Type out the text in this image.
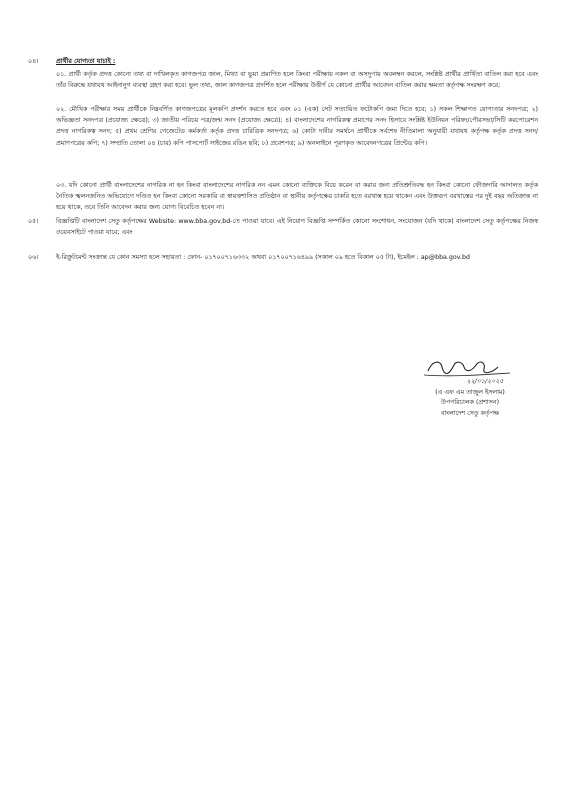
০৪।	প্রার্থীর যোগ্যতা যাচাই :
০১. প্রার্থী কর্তৃক প্রদত্ত কোনো তথ্য বা দাখিলকৃত কাগজপত্র জাল, মিথ্যা বা ভুয়া প্রমাণিত হলে কিংবা পরীক্ষায় নকল বা অসদুপায় অবলম্বন করলে, সংশ্লিষ্ট প্রার্থীর প্রার্থিতা বাতিল করা হবে এবং তাঁর বিরুদ্ধে যথাযথ আইনানুগ ব্যবস্থা গ্রহণ করা হবে। ভুল তথ্য, জাল কাগজপত্র প্রদর্শিত হলে পরীক্ষায় উত্তীর্ণ যে কোনো প্রার্থীর আবেদন বাতিল করার ক্ষমতা কর্তৃপক্ষ সংরক্ষণ করে;
০২. মৌখিক পরীক্ষার সময় প্রার্থীকে নিম্নবর্ণিত কাগজপত্রের মূলকপি প্রদর্শন করতে হবে এবং ০১ (এক) সেট সত্যায়িত ফটোকপি জমা দিতে হবে; ১) সকল শিক্ষাগত যোগ্যতার সনদপত্র; ২) অভিজ্ঞতা সনদপত্র (প্রযোজ্য ক্ষেত্রে); ৩) জাতীয় পরিচয় পত্র/জন্ম সনদ (প্রযোজ্য ক্ষেত্রে); ৪) বাংলাদেশের নাগরিকত্ব প্রমাণের সনদ হিসাবে সংশ্লিষ্ট ইউনিয়ন পরিষদ/পৌরসভা/সিটি করপোরেশন প্রদত্ত নাগরিকত্ব সনদ; ৫) প্রথম শ্রেণির গেজেটেড কর্মকর্তা কর্তৃক প্রদত্ত চারিত্রিক সনদপত্র; ৬) কোটা দাবীর সমর্থনে প্রার্থীকে সর্বশেষ নীতিমালা অনুযায়ী যথাযথ কর্তৃপক্ষ কর্তৃক প্রদত্ত সনদ/প্রমাণপত্রের কপি; ৭) সম্প্রতি তোলা ০৪ (চার) কপি পাসপোর্ট সাইজের রঙিন ছবি; ৮) প্রবেশপত্র; ৯) অনলাইনে পূরণকৃত আবেদনপত্রের প্রিন্টেড কপি।
০৩. যদি কোনো প্রার্থী বাংলাদেশের নাগরিক না হন কিংবা বাংলাদেশের নাগরিক নন এমন কোনো ব্যক্তিকে বিয়ে করেন বা করার জন্য প্রতিশ্রুতিবদ্ধ হন কিংবা কোনো ফৌজদারি আদালত কর্তৃক নৈতিক স্খলনজনিত অভিযোগে দণ্ডিত হন কিংবা কোনো সরকারি বা স্বায়ত্তশাসিত প্রতিষ্ঠান বা স্থানীয় কর্তৃপক্ষের চাকরি হতে বরখাস্ত হয়ে থাকেন এবং উক্তরূপ বরখাস্তের পর দুই বছর অতিক্রান্ত না হয়ে থাকে, তবে তিনি আবেদন করার জন্য যোগ্য বিবেচিত হবেন না।
০৫।	বিজ্ঞপ্তিটি বাংলাদেশ সেতু কর্তৃপক্ষের Website: www.bba.gov.bd-তে পাওয়া যাবে। এই নিয়োগ বিজ্ঞপ্তি সম্পর্কিত কোনো সংশোধন, সংযোজন (যদি থাকে) বাংলাদেশ সেতু কর্তৃপক্ষের নিজস্ব ওয়েবসাইটে পাওয়া যাবে; এবং
০৬।	ই-রিক্রুটমেন্ট সংক্রান্ত যে কোন সমস্যা হলে সহায়তা : ফোন- ০১৭০০৭১৬৩৩২ অথবা ০১৭০০৭১৬৪৯৯ (সকাল ০৯ হতে বিকাল ০৫ টা), ইমেইল : ap@bba.gov.bd
২২/০১/২০২৫
(এ এফ এম তাজুল ইসলাম)
উপপরিচালক (প্রশাসন)
বাংলাদেশ সেতু কর্তৃপক্ষ
